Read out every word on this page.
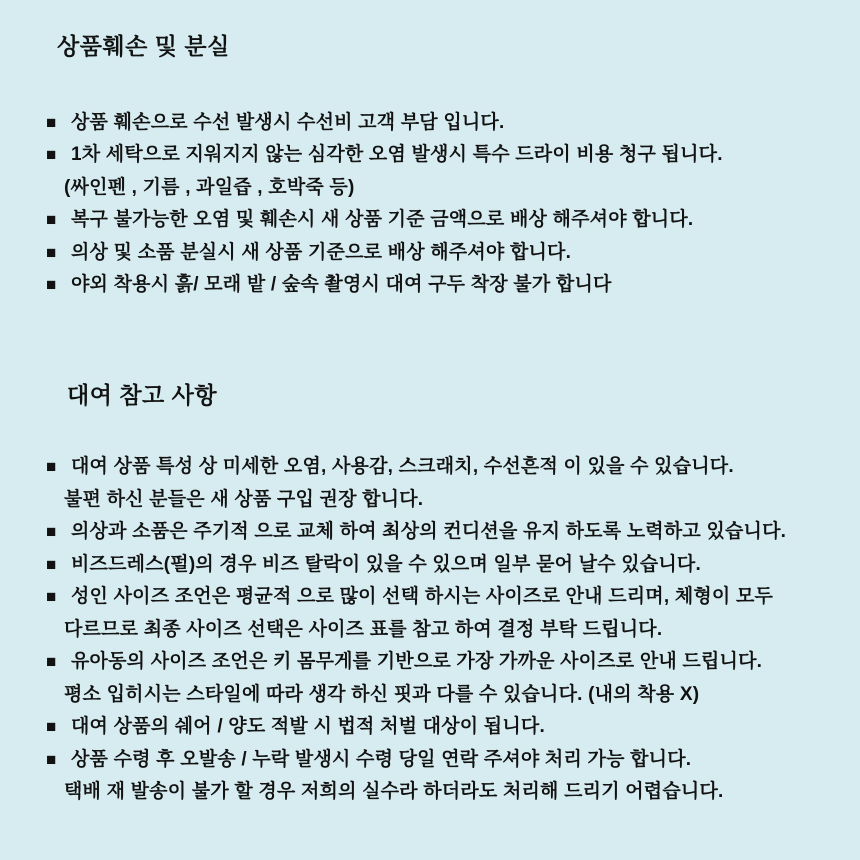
상품훼손 및 분실
■ 상품 훼손으로 수선 발생시 수선비 고객 부담 입니다.
■ 1차 세탁으로 지워지지 않는 심각한 오염 발생시 특수 드라이 비용 청구 됩니다.
(싸인펜 , 기름 , 과일즙 , 호박죽 등)
■ 복구 불가능한 오염 및 훼손시 새 상품 기준 금액으로 배상 해주셔야 합니다.
■ 의상 및 소품 분실시 새 상품 기준으로 배상 해주셔야 합니다.
■ 야외 착용시 흙/ 모래 밭 / 숲속 촬영시 대여 구두 착장 불가 합니다
대여 참고 사항
■ 대여 상품 특성 상 미세한 오염, 사용감, 스크래치, 수선흔적 이 있을 수 있습니다.
불편 하신 분들은 새 상품 구입 권장 합니다.
■ 의상과 소품은 주기적 으로 교체 하여 최상의 컨디션을 유지 하도록 노력하고 있습니다.
■ 비즈드레스(펄)의 경우 비즈 탈락이 있을 수 있으며 일부 묻어 날수 있습니다.
■ 성인 사이즈 조언은 평균적 으로 많이 선택 하시는 사이즈로 안내 드리며, 체형이 모두
다르므로 최종 사이즈 선택은 사이즈 표를 참고 하여 결정 부탁 드립니다.
■ 유아동의 사이즈 조언은 키 몸무게를 기반으로 가장 가까운 사이즈로 안내 드립니다.
평소 입히시는 스타일에 따라 생각 하신 핏과 다를 수 있습니다. (내의 착용 X)
■ 대여 상품의 쉐어 / 양도 적발 시 법적 처벌 대상이 됩니다.
■ 상품 수령 후 오발송 / 누락 발생시 수령 당일 연락 주셔야 처리 가능 합니다.
택배 재 발송이 불가 할 경우 저희의 실수라 하더라도 처리해 드리기 어렵습니다.
